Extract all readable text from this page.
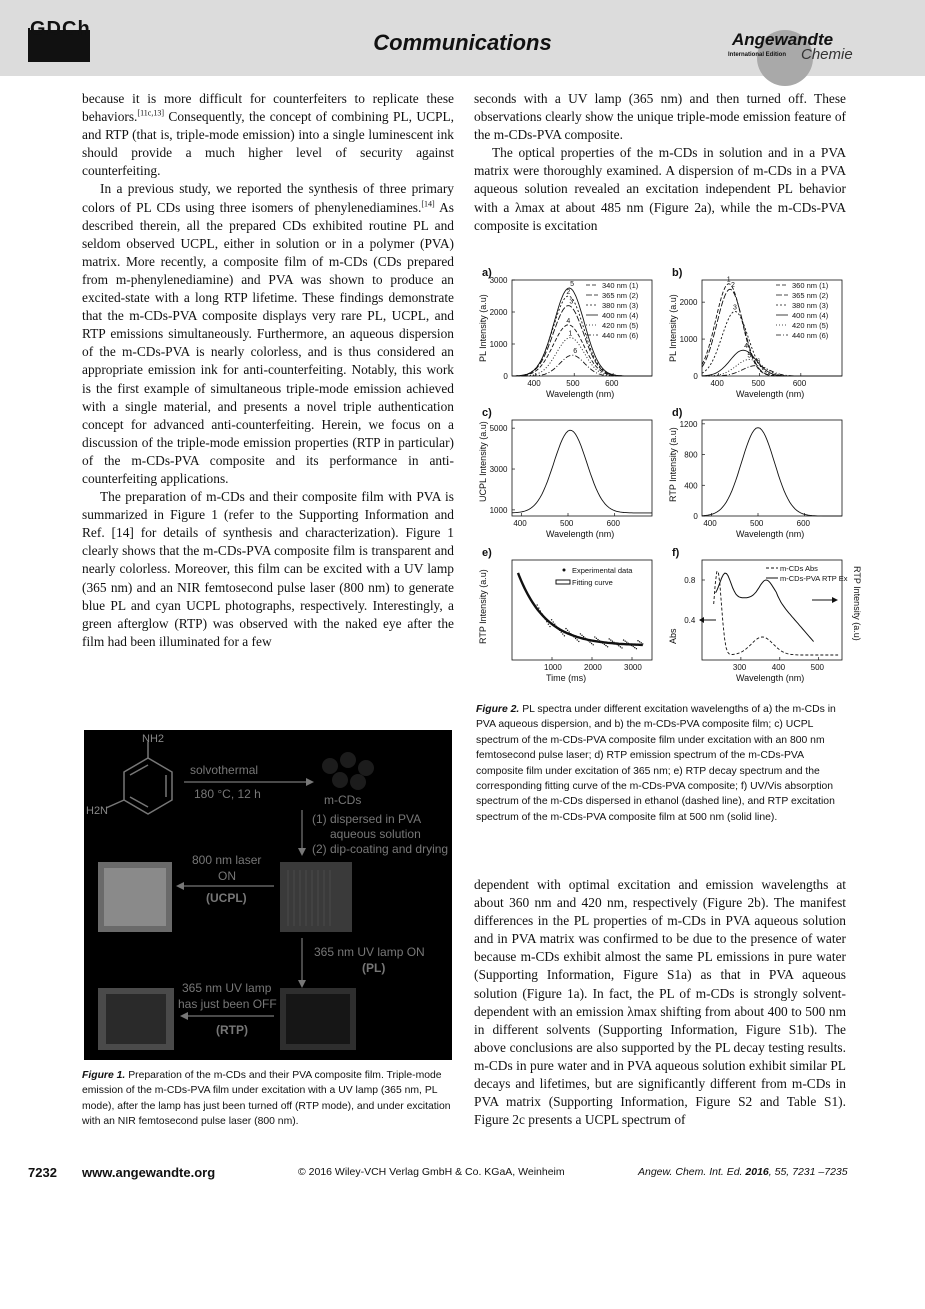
GDCh
Communications	Angewandte
International Edition Chemie

because it is more difficult for counterfeiters to replicate these behaviors.[11c,13] Consequently, the concept of combining PL, UCPL, and RTP (that is, triple-mode emission) into a single luminescent ink should provide a much higher level of security against counterfeiting.

In a previous study, we reported the synthesis of three primary colors of PL CDs using three isomers of phenylenediamines.[14] As described therein, all the prepared CDs exhibited routine PL and seldom observed UCPL, either in solution or in a polymer (PVA) matrix. More recently, a composite film of m-CDs (CDs prepared from m-phenylenediamine) and PVA was shown to produce an excited-state with a long RTP lifetime. These findings demonstrate that the m-CDs-PVA composite displays very rare PL, UCPL, and RTP emissions simultaneously. Furthermore, an aqueous dispersion of the m-CDs-PVA is nearly colorless, and is thus considered an appropriate emission ink for anti-counterfeiting. Notably, this work is the first example of simultaneous triple-mode emission achieved with a single material, and presents a novel triple authentication concept for advanced anti-counterfeiting. Herein, we focus on a discussion of the triple-mode emission properties (RTP in particular) of the m-CDs-PVA composite and its performance in anti-counterfeiting applications.

The preparation of m-CDs and their composite film with PVA is summarized in Figure 1 (refer to the Supporting Information and Ref. [14] for details of synthesis and characterization). Figure 1 clearly shows that the m-CDs-PVA composite film is transparent and nearly colorless. Moreover, this film can be excited with a UV lamp (365 nm) and an NIR femtosecond pulse laser (800 nm) to generate blue PL and cyan UCPL photographs, respectively. Interestingly, a green afterglow (RTP) was observed with the naked eye after the film had been illuminated for a few

seconds with a UV lamp (365 nm) and then turned off. These observations clearly show the unique triple-mode emission feature of the m-CDs-PVA composite.

The optical properties of the m-CDs in solution and in a PVA matrix were thoroughly examined. A dispersion of m-CDs in a PVA aqueous solution revealed an excitation independent PL behavior with a λmax at about 485 nm (Figure 2a), while the m-CDs-PVA composite is excitation

a)
400	500	600
0
1000
2000
3000
Wavelength (nm)
PL Intensity (a.u)	4
3
2
5
1
6
340 nm (1)
365 nm (2)
380 nm (3)
400 nm (4)
420 nm (5)
440 nm (6)
b)
400	500	600
0
1000
2000
Wavelength (nm)
PL Intensity (a.u)
1
2
3
4
5
6
360 nm (1)
365 nm (2)
380 nm (3)
400 nm (4)
420 nm (5)
440 nm (6)
c)
400	500	600
1000
3000
5000
Wavelength (nm)
UCPL Intensity (a.u)
d)
400	500	600
0
400
800
1200
Wavelength (nm)
RTP Intensity (a.u)
e)
1000	2000	3000
Time (ms)
RTP Intensity (a.u)	Experimental data
Fitting curve
f)
300	400	500
0.4
0.8
Wavelength (nm)
Abs	RTP Intensity (a.u)
m-CDs Abs
m-CDs-PVA RTP Ex
Figure 2. PL spectra under different excitation wavelengths of a) the m-CDs in PVA aqueous dispersion, and b) the m-CDs-PVA composite film; c) UCPL spectrum of the m-CDs-PVA composite film under excitation with an 800 nm femtosecond pulse laser; d) RTP emission spectrum of the m-CDs-PVA composite film under excitation of 365 nm; e) RTP decay spectrum and the corresponding fitting curve of the m-CDs-PVA composite; f) UV/Vis absorption spectrum of the m-CDs dispersed in ethanol (dashed line), and RTP excitation spectrum of the m-CDs-PVA composite film at 500 nm (solid line).

dependent with optimal excitation and emission wavelengths at about 360 nm and 420 nm, respectively (Figure 2b). The manifest differences in the PL properties of m-CDs in PVA aqueous solution and in PVA matrix was confirmed to be due to the presence of water because m-CDs exhibit almost the same PL emissions in pure water (Supporting Information, Figure S1a) as that in PVA aqueous solution (Figure 1a). In fact, the PL of m-CDs is strongly solvent-dependent with an emission λmax shifting from about 400 to 500 nm in different solvents (Supporting Information, Figure S1b). The above conclusions are also supported by the PL decay testing results. m-CDs in pure water and in PVA aqueous solution exhibit similar PL decays and lifetimes, but are significantly different from m-CDs in PVA matrix (Supporting Information, Figure S2 and Table S1). Figure 2c presents a UCPL spectrum of

NH2
H2N
solvothermal
180 °C, 12 h	m-CDs
(1) dispersed in PVA
aqueous solution
(2) dip-coating and drying
800 nm laser
ON
(UCPL)
365 nm UV lamp ON
(PL)
365 nm UV lamp
has just been OFF
(RTP)
Figure 1. Preparation of the m-CDs and their PVA composite film. Triple-mode emission of the m-CDs-PVA film under excitation with a UV lamp (365 nm, PL mode), after the lamp has just been turned off (RTP mode), and under excitation with an NIR femtosecond pulse laser (800 nm).
7232 www.angewandte.org	© 2016 Wiley-VCH Verlag GmbH & Co. KGaA, Weinheim	Angew. Chem. Int. Ed. 2016, 55, 7231 –7235
